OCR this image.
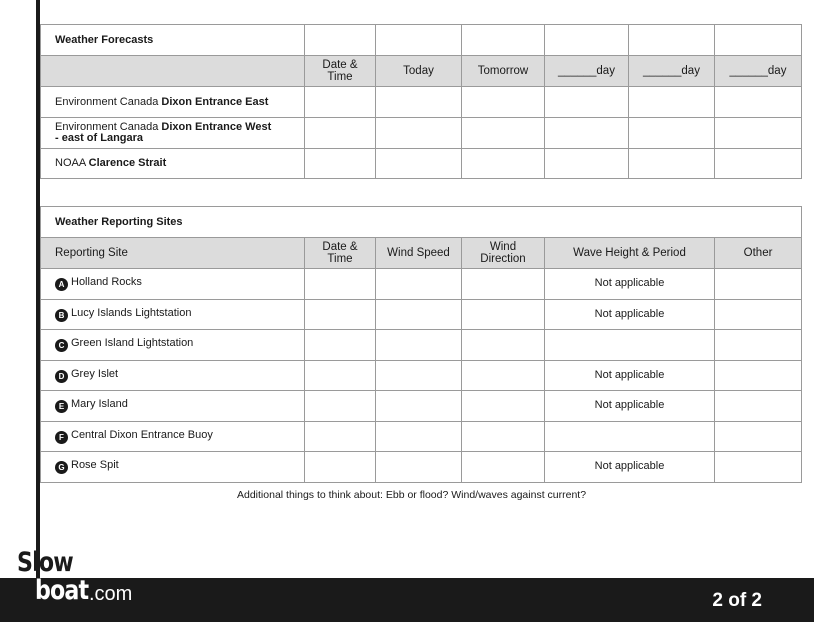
Weather Forecasts						
	Date & Time	Today	Tomorrow	______day	______day	______day
Environment Canada Dixon Entrance East						
Environment Canada Dixon Entrance West
- east of Langara						
NOAA Clarence Strait						
Weather Reporting Sites					
Reporting Site	Date & Time	Wind Speed	Wind Direction	Wave Height & Period	Other
A Holland Rocks				Not applicable	
B Lucy Islands Lightstation				Not applicable	
C Green Island Lightstation					
D Grey Islet				Not applicable	
E Mary Island				Not applicable	
F Central Dixon Entrance Buoy					
G Rose Spit				Not applicable	
Additional things to think about: Ebb or flood? Wind/waves against current?
Slow
boat .com	2 of 2
